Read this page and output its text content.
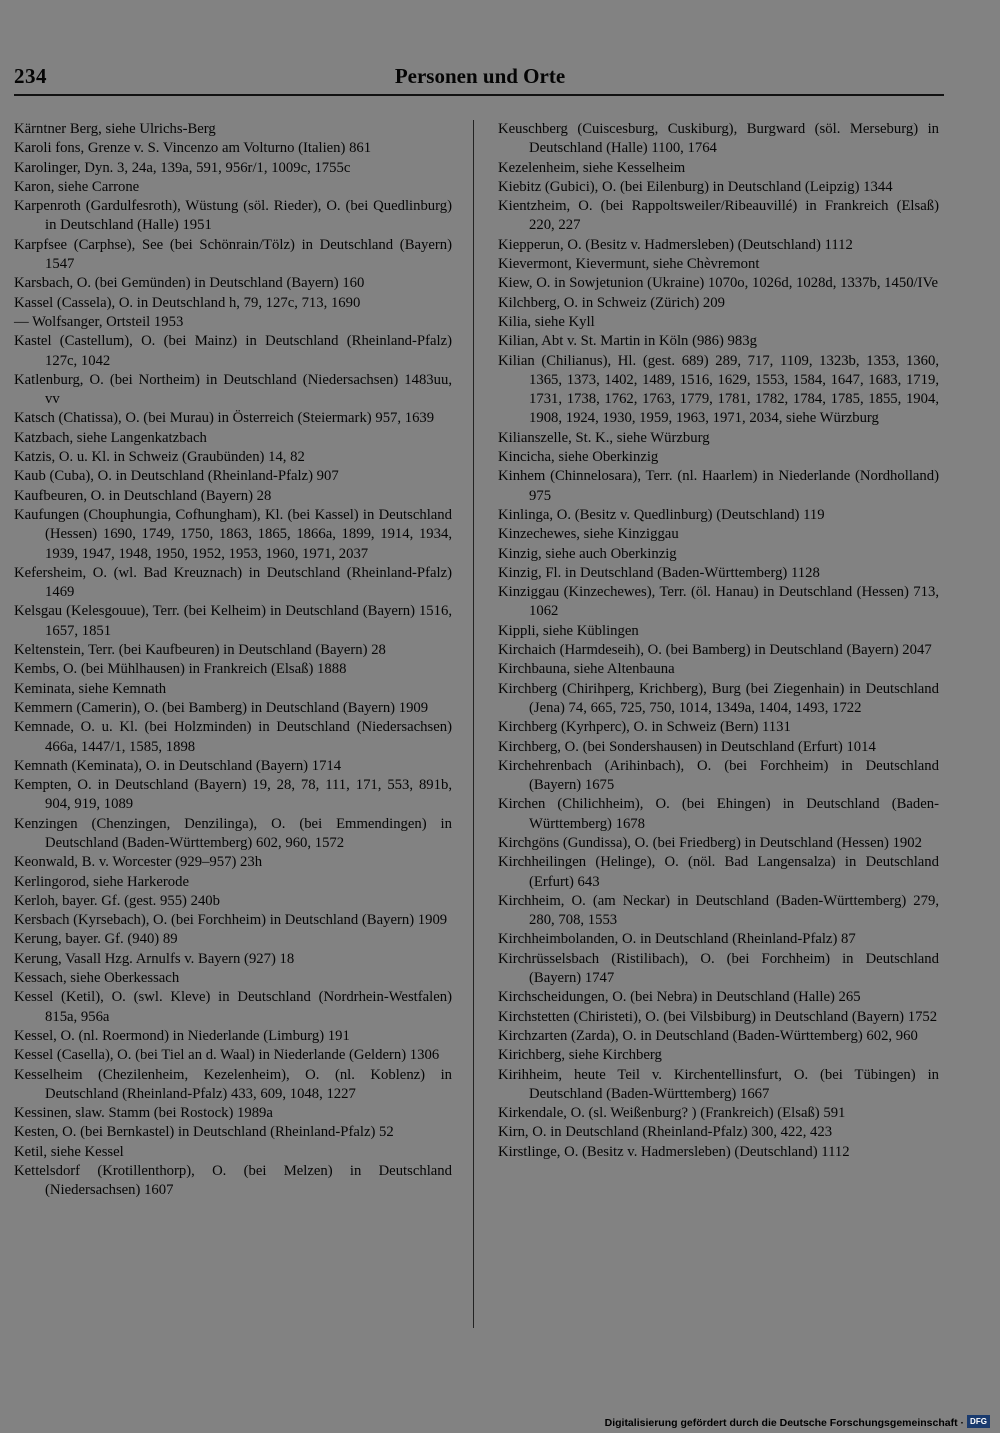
234	Personen und Orte

Kärntner Berg, siehe Ulrichs-Berg

Karoli fons, Grenze v. S. Vincenzo am Volturno (Italien) 861

Karolinger, Dyn. 3, 24a, 139a, 591, 956r/1, 1009c, 1755c

Karon, siehe Carrone

Karpenroth (Gardulfesroth), Wüstung (söl. Rieder), O. (bei Quedlinburg) in Deutschland (Halle) 1951

Karpfsee (Carphse), See (bei Schönrain/Tölz) in Deutschland (Bayern) 1547

Karsbach, O. (bei Gemünden) in Deutschland (Bayern) 160

Kassel (Cassela), O. in Deutschland h, 79, 127c, 713, 1690

— Wolfsanger, Ortsteil 1953

Kastel (Castellum), O. (bei Mainz) in Deutschland (Rheinland-Pfalz) 127c, 1042

Katlenburg, O. (bei Northeim) in Deutschland (Niedersachsen) 1483uu, vv

Katsch (Chatissa), O. (bei Murau) in Österreich (Steiermark) 957, 1639

Katzbach, siehe Langenkatzbach

Katzis, O. u. Kl. in Schweiz (Graubünden) 14, 82

Kaub (Cuba), O. in Deutschland (Rheinland-Pfalz) 907

Kaufbeuren, O. in Deutschland (Bayern) 28

Kaufungen (Chouphungia, Cofhungham), Kl. (bei Kassel) in Deutschland (Hessen) 1690, 1749, 1750, 1863, 1865, 1866a, 1899, 1914, 1934, 1939, 1947, 1948, 1950, 1952, 1953, 1960, 1971, 2037

Kefersheim, O. (wl. Bad Kreuznach) in Deutschland (Rheinland-Pfalz) 1469

Kelsgau (Kelesgouue), Terr. (bei Kelheim) in Deutschland (Bayern) 1516, 1657, 1851

Keltenstein, Terr. (bei Kaufbeuren) in Deutschland (Bayern) 28

Kembs, O. (bei Mühlhausen) in Frankreich (Elsaß) 1888

Keminata, siehe Kemnath

Kemmern (Camerin), O. (bei Bamberg) in Deutschland (Bayern) 1909

Kemnade, O. u. Kl. (bei Holzminden) in Deutschland (Niedersachsen) 466a, 1447/1, 1585, 1898

Kemnath (Keminata), O. in Deutschland (Bayern) 1714

Kempten, O. in Deutschland (Bayern) 19, 28, 78, 111, 171, 553, 891b, 904, 919, 1089

Kenzingen (Chenzingen, Denzilinga), O. (bei Emmendingen) in Deutschland (Baden-Württemberg) 602, 960, 1572

Keonwald, B. v. Worcester (929–957) 23h

Kerlingorod, siehe Harkerode

Kerloh, bayer. Gf. (gest. 955) 240b

Kersbach (Kyrsebach), O. (bei Forchheim) in Deutschland (Bayern) 1909

Kerung, bayer. Gf. (940) 89

Kerung, Vasall Hzg. Arnulfs v. Bayern (927) 18

Kessach, siehe Oberkessach

Kessel (Ketil), O. (swl. Kleve) in Deutschland (Nordrhein-Westfalen) 815a, 956a

Kessel, O. (nl. Roermond) in Niederlande (Limburg) 191

Kessel (Casella), O. (bei Tiel an d. Waal) in Niederlande (Geldern) 1306

Kesselheim (Chezilenheim, Kezelenheim), O. (nl. Koblenz) in Deutschland (Rheinland-Pfalz) 433, 609, 1048, 1227

Kessinen, slaw. Stamm (bei Rostock) 1989a

Kesten, O. (bei Bernkastel) in Deutschland (Rheinland-Pfalz) 52

Ketil, siehe Kessel

Kettelsdorf (Krotillenthorp), O. (bei Melzen) in Deutschland (Niedersachsen) 1607

Keuschberg (Cuiscesburg, Cuskiburg), Burgward (söl. Merseburg) in Deutschland (Halle) 1100, 1764

Kezelenheim, siehe Kesselheim

Kiebitz (Gubici), O. (bei Eilenburg) in Deutschland (Leipzig) 1344

Kientzheim, O. (bei Rappoltsweiler/Ribeauvillé) in Frankreich (Elsaß) 220, 227

Kiepperun, O. (Besitz v. Hadmersleben) (Deutschland) 1112

Kievermont, Kievermunt, siehe Chèvremont

Kiew, O. in Sowjetunion (Ukraine) 1070o, 1026d, 1028d, 1337b, 1450/IVe

Kilchberg, O. in Schweiz (Zürich) 209

Kilia, siehe Kyll

Kilian, Abt v. St. Martin in Köln (986) 983g

Kilian (Chilianus), Hl. (gest. 689) 289, 717, 1109, 1323b, 1353, 1360, 1365, 1373, 1402, 1489, 1516, 1629, 1553, 1584, 1647, 1683, 1719, 1731, 1738, 1762, 1763, 1779, 1781, 1782, 1784, 1785, 1855, 1904, 1908, 1924, 1930, 1959, 1963, 1971, 2034, siehe Würzburg

Kilianszelle, St. K., siehe Würzburg

Kincicha, siehe Oberkinzig

Kinhem (Chinnelosara), Terr. (nl. Haarlem) in Niederlande (Nordholland) 975

Kinlinga, O. (Besitz v. Quedlinburg) (Deutschland) 119

Kinzechewes, siehe Kinziggau

Kinzig, siehe auch Oberkinzig

Kinzig, Fl. in Deutschland (Baden-Württemberg) 1128

Kinziggau (Kinzechewes), Terr. (öl. Hanau) in Deutschland (Hessen) 713, 1062

Kippli, siehe Küblingen

Kirchaich (Harmdeseih), O. (bei Bamberg) in Deutschland (Bayern) 2047

Kirchbauna, siehe Altenbauna

Kirchberg (Chirihperg, Krichberg), Burg (bei Ziegenhain) in Deutschland (Jena) 74, 665, 725, 750, 1014, 1349a, 1404, 1493, 1722

Kirchberg (Kyrhperc), O. in Schweiz (Bern) 1131

Kirchberg, O. (bei Sondershausen) in Deutschland (Erfurt) 1014

Kirchehrenbach (Arihinbach), O. (bei Forchheim) in Deutschland (Bayern) 1675

Kirchen (Chilichheim), O. (bei Ehingen) in Deutschland (Baden-Württemberg) 1678

Kirchgöns (Gundissa), O. (bei Friedberg) in Deutschland (Hessen) 1902

Kirchheilingen (Helinge), O. (nöl. Bad Langensalza) in Deutschland (Erfurt) 643

Kirchheim, O. (am Neckar) in Deutschland (Baden-Württemberg) 279, 280, 708, 1553

Kirchheimbolanden, O. in Deutschland (Rheinland-Pfalz) 87

Kirchrüsselsbach (Ristilibach), O. (bei Forchheim) in Deutschland (Bayern) 1747

Kirchscheidungen, O. (bei Nebra) in Deutschland (Halle) 265

Kirchstetten (Chiristeti), O. (bei Vilsbiburg) in Deutschland (Bayern) 1752

Kirchzarten (Zarda), O. in Deutschland (Baden-Württemberg) 602, 960

Kirichberg, siehe Kirchberg

Kirihheim, heute Teil v. Kirchentellinsfurt, O. (bei Tübingen) in Deutschland (Baden-Württemberg) 1667

Kirkendale, O. (sl. Weißenburg? ) (Frankreich) (Elsaß) 591

Kirn, O. in Deutschland (Rheinland-Pfalz) 300, 422, 423

Kirstlinge, O. (Besitz v. Hadmersleben) (Deutschland) 1112

Digitalisierung gefördert durch die Deutsche Forschungsgemeinschaft · DFG
